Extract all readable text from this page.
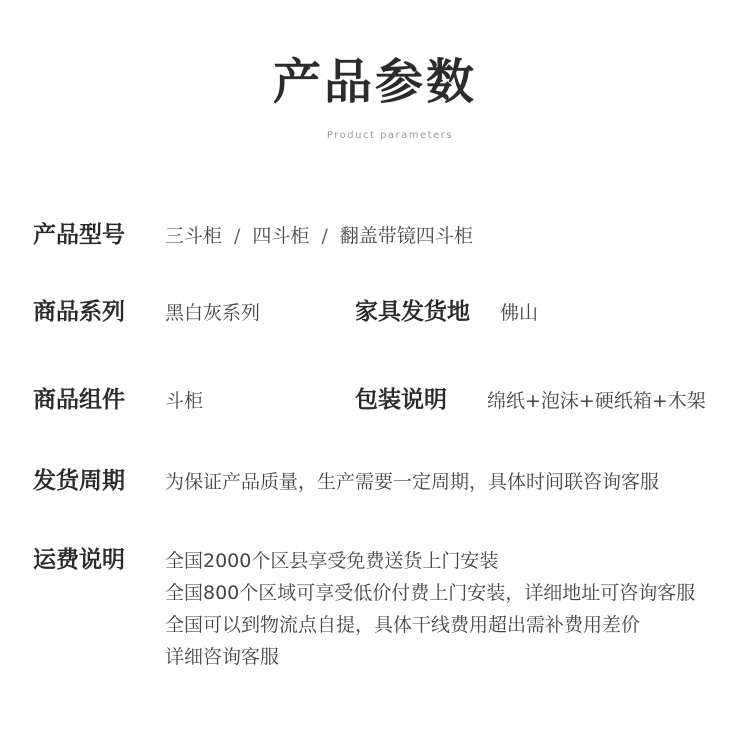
产品参数
Product parameters
产品型号 三斗柜 / 四斗柜 / 翻盖带镜四斗柜
商品系列 黑白灰系列	家具发货地 佛山
商品组件 斗柜	包装说明 绵纸+泡沫+硬纸箱+木架
发货周期 为保证产品质量，生产需要一定周期，具体时间联咨询客服
运费说明 全国2000个区县享受免费送货上门安装
全国800个区域可享受低价付费上门安装，详细地址可咨询客服
全国可以到物流点自提，具体干线费用超出需补费用差价
详细咨询客服
